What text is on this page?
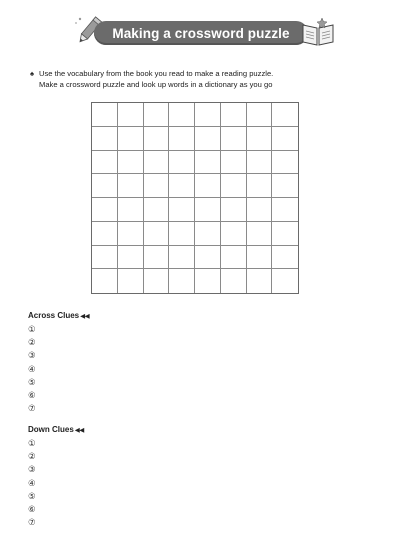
Making a crossword puzzle
♠ Use the vocabulary from the book you read to make a reading puzzle.
Make a crossword puzzle and look up words in a dictionary as you go
Across Clues ◀◀
①
②
③
④
⑤
⑥
⑦
Down Clues ◀◀
①
②
③
④
⑤
⑥
⑦
